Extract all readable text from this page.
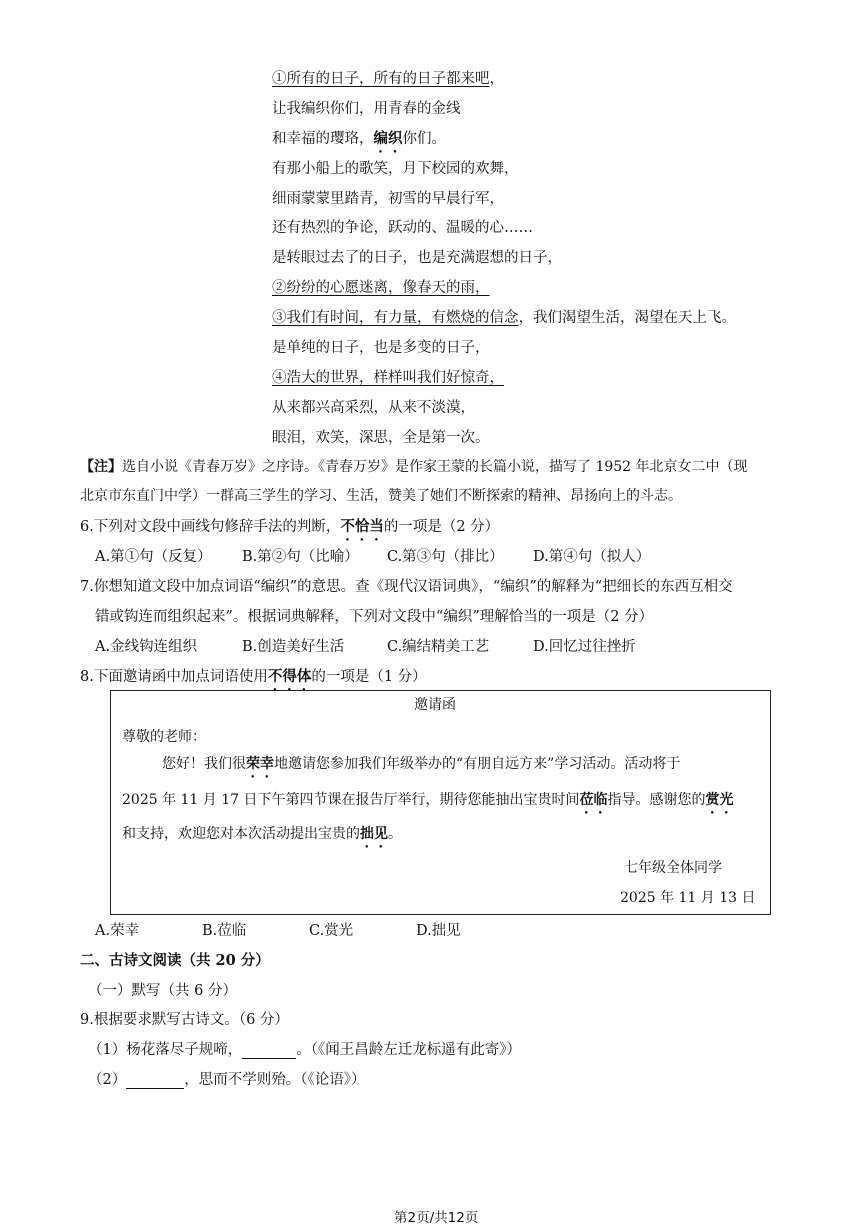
①所有的日子，所有的日子都来吧，
让我编织你们，用青春的金线
和幸福的璎珞，编织你们。
有那小船上的歌笑，月下校园的欢舞，
细雨蒙蒙里踏青，初雪的早晨行军，
还有热烈的争论，跃动的、温暖的心……
是转眼过去了的日子，也是充满遐想的日子，
②纷纷的心愿迷离，像春天的雨，
③我们有时间，有力量，有燃烧的信念，我们渴望生活，渴望在天上飞。
是单纯的日子，也是多变的日子，
④浩大的世界，样样叫我们好惊奇，
从来都兴高采烈，从来不淡漠，
眼泪，欢笑，深思，全是第一次。
【注】选自小说《青春万岁》之序诗。《青春万岁》是作家王蒙的长篇小说，描写了 1952 年北京女二中（现
北京市东直门中学）一群高三学生的学习、生活，赞美了她们不断探索的精神、昂扬向上的斗志。
6.下列对文段中画线句修辞手法的判断，不恰当的一项是（2 分）
A.第①句（反复） B.第②句（比喻） C.第③句（排比） D.第④句（拟人）
7.你想知道文段中加点词语“编织”的意思。查《现代汉语词典》，“编织”的解释为“把细长的东西互相交
错或钩连而组织起来”。根据词典解释，下列对文段中“编织”理解恰当的一项是（2 分）
A.金线钩连组织	B.创造美好生活	C.编结精美工艺	D.回忆过往挫折
8.下面邀请函中加点词语使用不得体的一项是（1 分）
邀请函
尊敬的老师：
您好！我们很荣幸地邀请您参加我们年级举办的“有朋自远方来”学习活动。活动将于
2025 年 11 月 17 日下午第四节课在报告厅举行，期待您能抽出宝贵时间莅临指导。感谢您的赏光
和支持，欢迎您对本次活动提出宝贵的拙见。
七年级全体同学
2025 年 11 月 13 日
A.荣幸	B.莅临	C.赏光	D.拙见
二、古诗文阅读（共 20 分）
（一）默写（共 6 分）
9.根据要求默写古诗文。（6 分）
（1）杨花落尽子规啼，	。（《闻王昌龄左迁龙标遥有此寄》）
（2）	，思而不学则殆。（《论语》）
第2页/共12页
